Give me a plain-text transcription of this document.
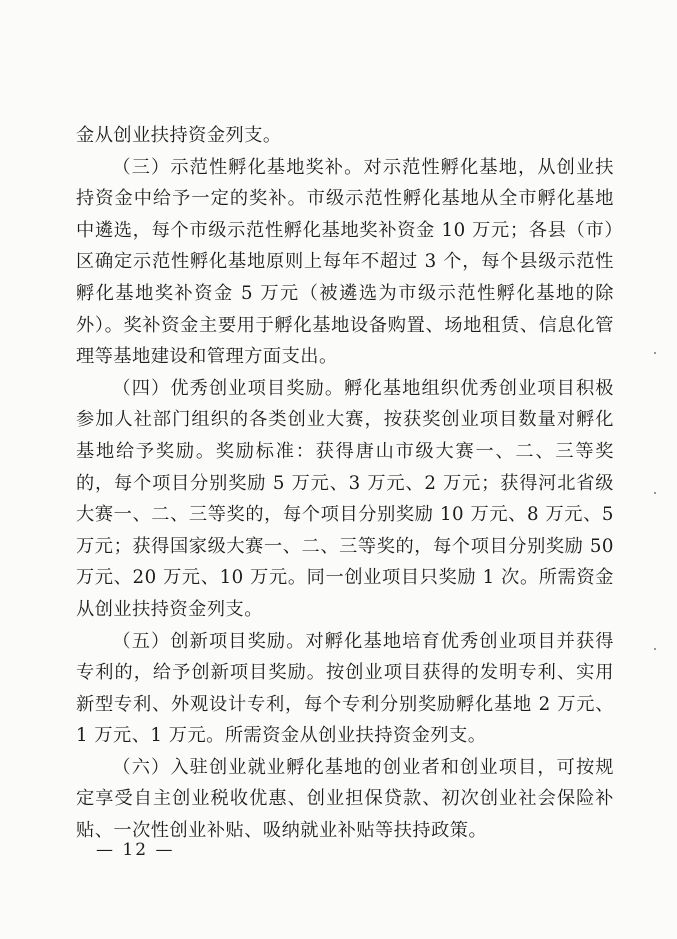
金从创业扶持资金列支。

（三）示范性孵化基地奖补。对示范性孵化基地，从创业扶持资金中给予一定的奖补。市级示范性孵化基地从全市孵化基地中遴选，每个市级示范性孵化基地奖补资金 10 万元；各县（市）区确定示范性孵化基地原则上每年不超过 3 个，每个县级示范性孵化基地奖补资金 5 万元（被遴选为市级示范性孵化基地的除外）。奖补资金主要用于孵化基地设备购置、场地租赁、信息化管理等基地建设和管理方面支出。

（四）优秀创业项目奖励。孵化基地组织优秀创业项目积极参加人社部门组织的各类创业大赛，按获奖创业项目数量对孵化基地给予奖励。奖励标准：获得唐山市级大赛一、二、三等奖的，每个项目分别奖励 5 万元、3 万元、2 万元；获得河北省级大赛一、二、三等奖的，每个项目分别奖励 10 万元、8 万元、5 万元；获得国家级大赛一、二、三等奖的，每个项目分别奖励 50 万元、20 万元、10 万元。同一创业项目只奖励 1 次。所需资金从创业扶持资金列支。

（五）创新项目奖励。对孵化基地培育优秀创业项目并获得专利的，给予创新项目奖励。按创业项目获得的发明专利、实用新型专利、外观设计专利，每个专利分别奖励孵化基地 2 万元、1 万元、1 万元。所需资金从创业扶持资金列支。

（六）入驻创业就业孵化基地的创业者和创业项目，可按规定享受自主创业税收优惠、创业担保贷款、初次创业社会保险补贴、一次性创业补贴、吸纳就业补贴等扶持政策。

— 12 —
